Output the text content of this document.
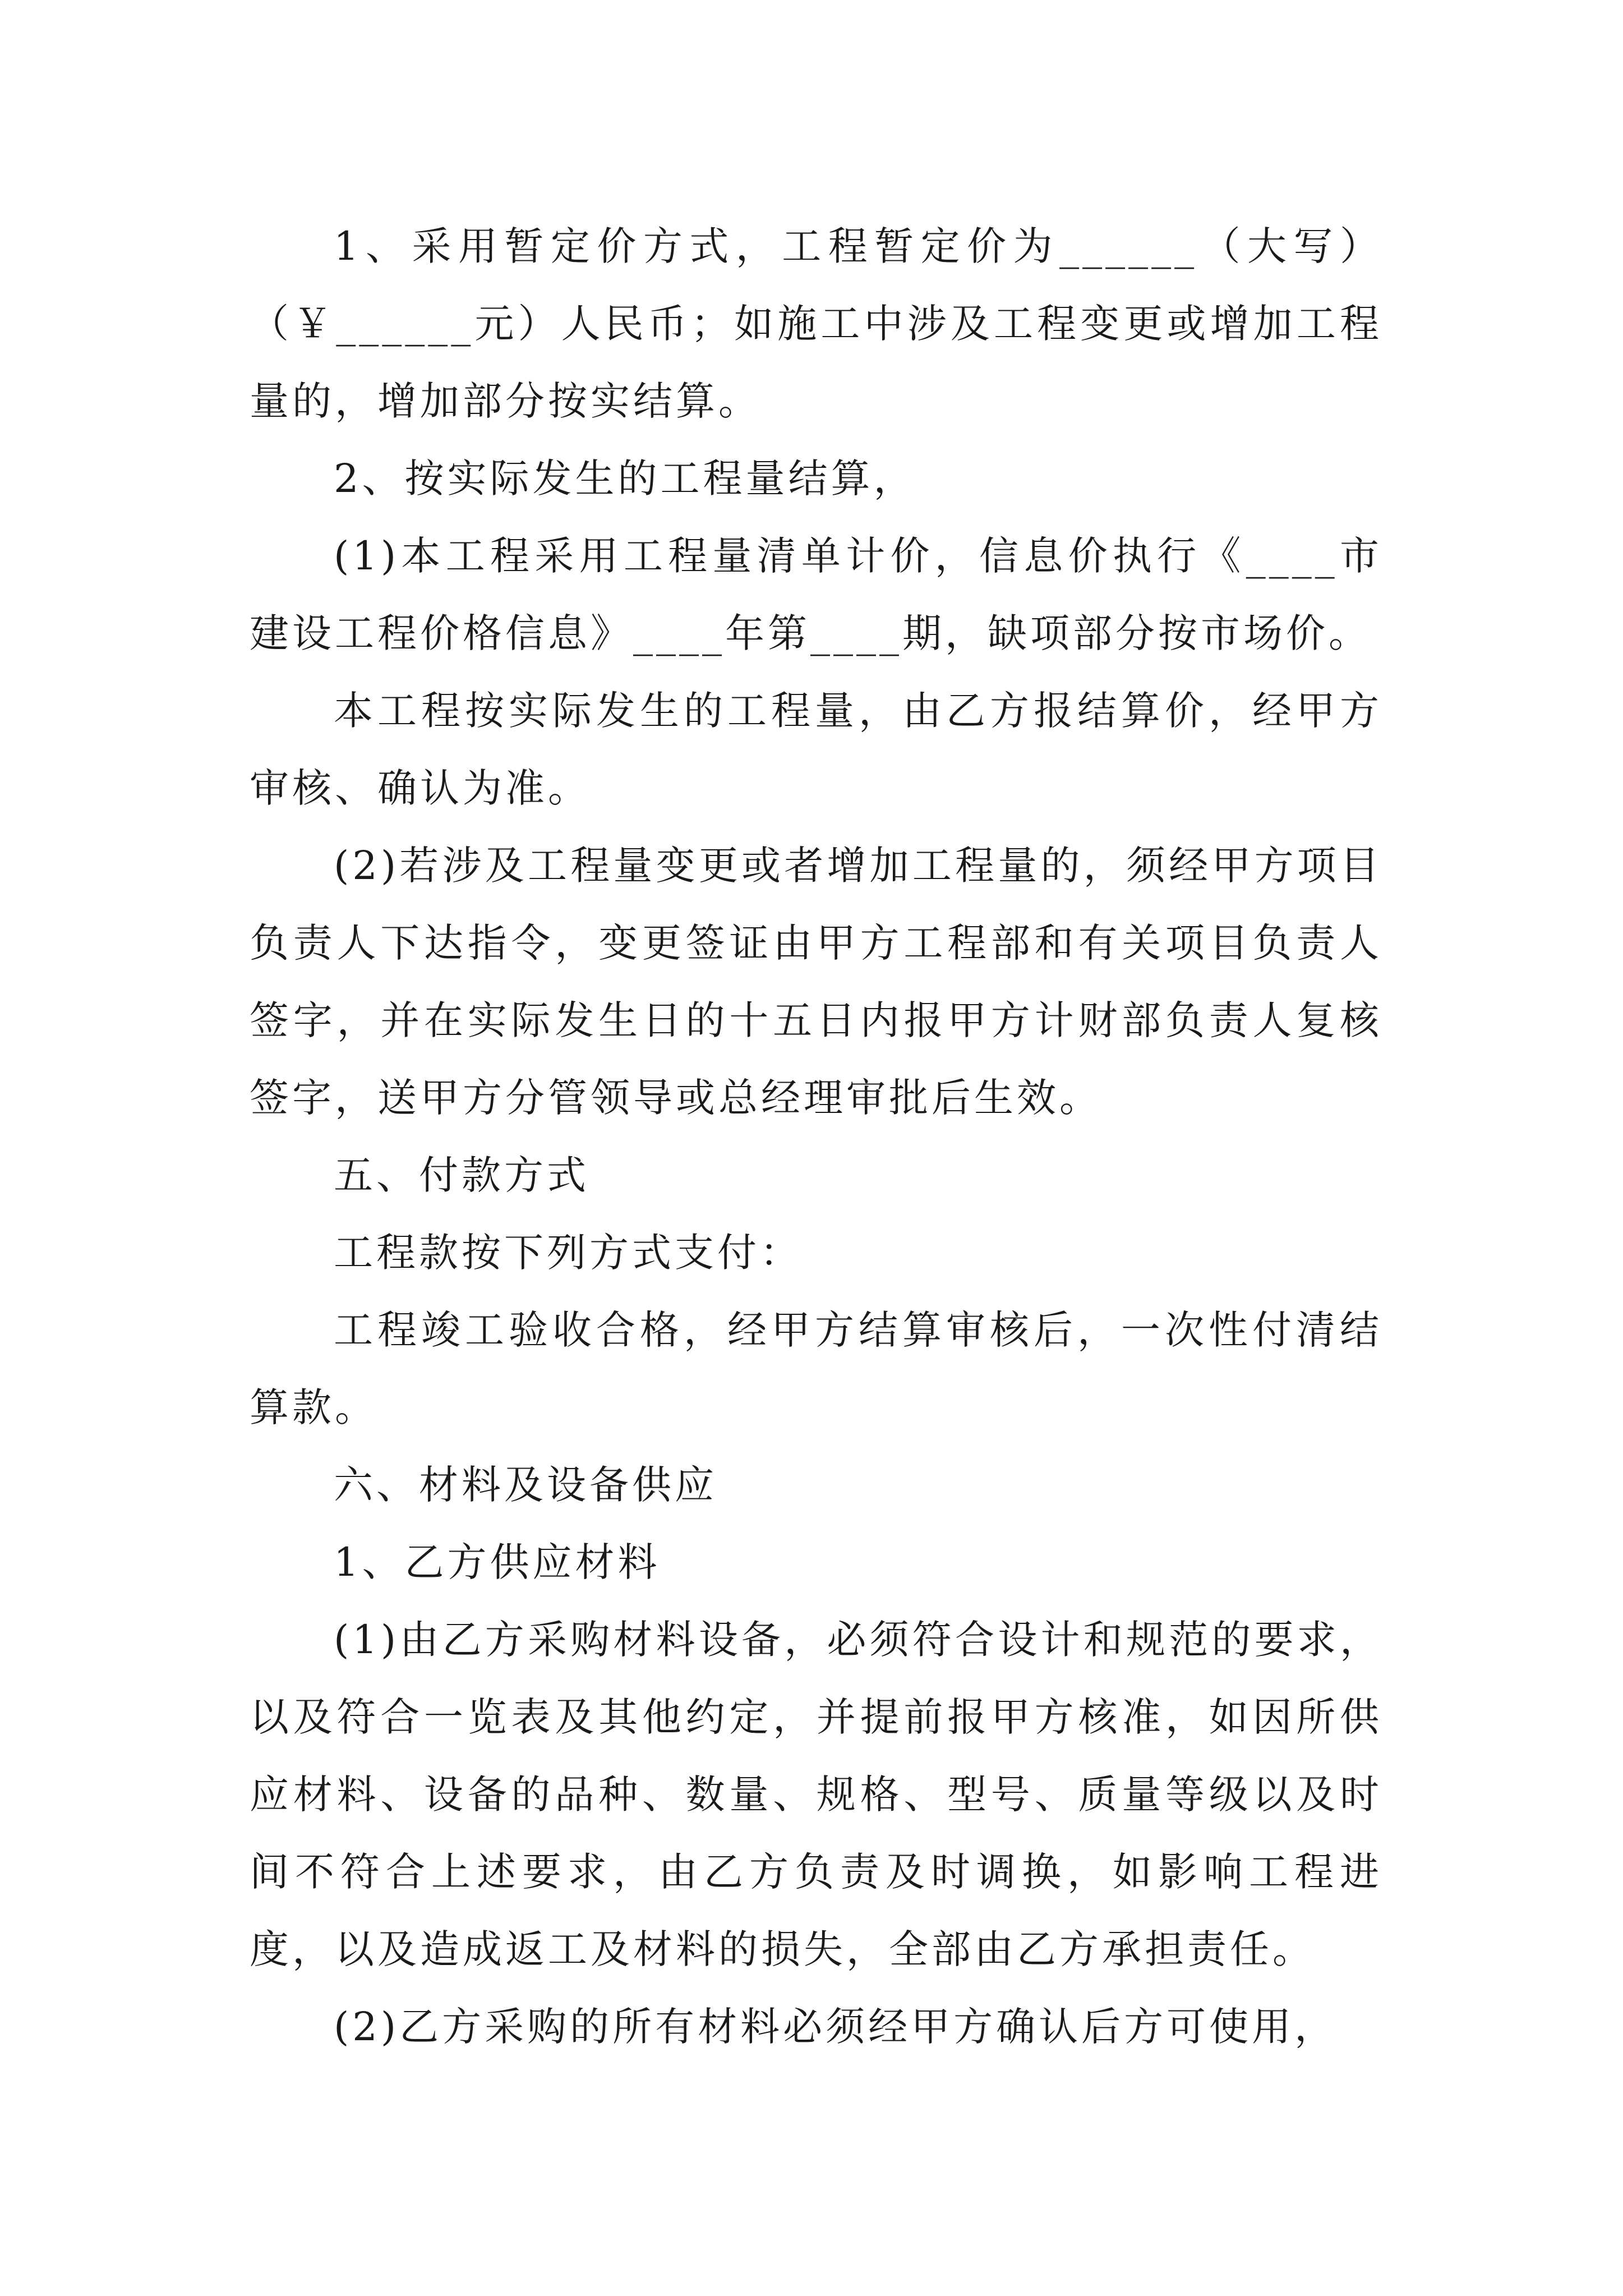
1、采用暂定价方式，工程暂定价为______（大写）（￥______元）人民币；如施工中涉及工程变更或增加工程量的，增加部分按实结算。

2、按实际发生的工程量结算，

(1)本工程采用工程量清单计价，信息价执行《____市建设工程价格信息》____年第____期，缺项部分按市场价。

本工程按实际发生的工程量，由乙方报结算价，经甲方审核、确认为准。

(2)若涉及工程量变更或者增加工程量的，须经甲方项目负责人下达指令，变更签证由甲方工程部和有关项目负责人签字，并在实际发生日的十五日内报甲方计财部负责人复核签字，送甲方分管领导或总经理审批后生效。

五、付款方式

工程款按下列方式支付：

工程竣工验收合格，经甲方结算审核后，一次性付清结算款。

六、材料及设备供应

1、乙方供应材料

(1)由乙方采购材料设备，必须符合设计和规范的要求，以及符合一览表及其他约定，并提前报甲方核准，如因所供应材料、设备的品种、数量、规格、型号、质量等级以及时间不符合上述要求，由乙方负责及时调换，如影响工程进度，以及造成返工及材料的损失，全部由乙方承担责任。

(2)乙方采购的所有材料必须经甲方确认后方可使用，
